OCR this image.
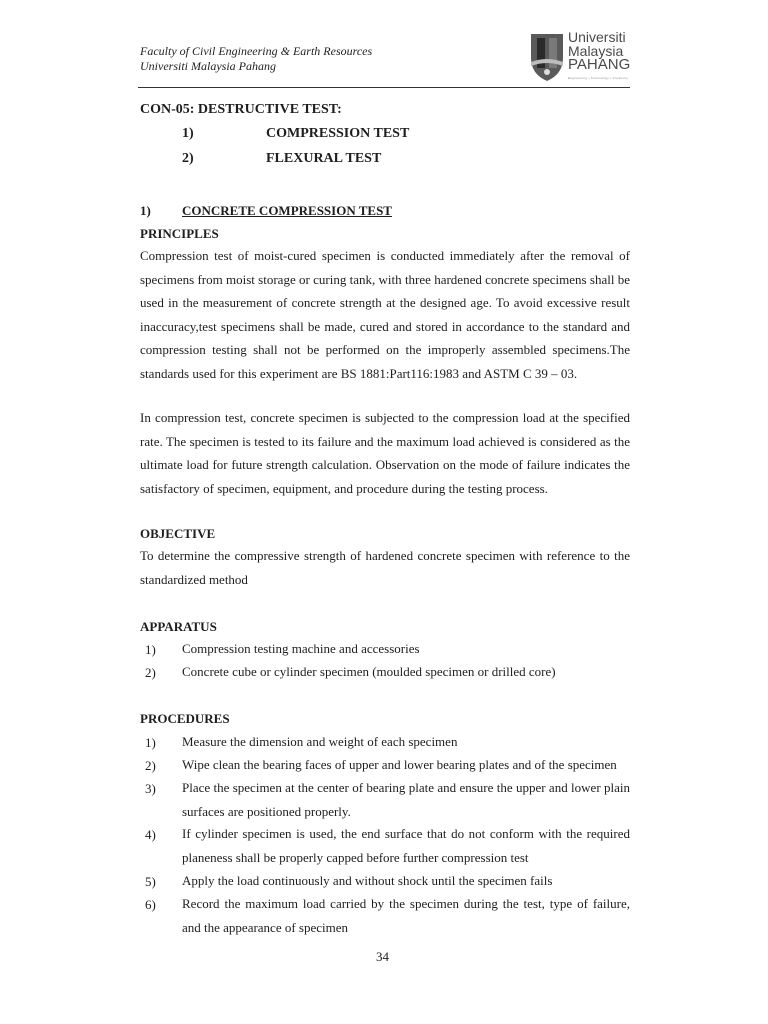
Faculty of Civil Engineering & Earth Resources
Universiti Malaysia Pahang
Universiti
Malaysia
PAHANG
Engineering • Technology • Creativity
CON-05: DESTRUCTIVE TEST:
1)	COMPRESSION TEST
2)	FLEXURAL TEST
1) CONCRETE COMPRESSION TEST
PRINCIPLES
Compression test of moist-cured specimen is conducted immediately after the removal of specimens from moist storage or curing tank, with three hardened concrete specimens shall be used in the measurement of concrete strength at the designed age. To avoid excessive result inaccuracy,test specimens shall be made, cured and stored in accordance to the standard and compression testing shall not be performed on the improperly assembled specimens.The standards used for this experiment are BS 1881:Part116:1983 and ASTM C 39 – 03.
In compression test, concrete specimen is subjected to the compression load at the specified rate. The specimen is tested to its failure and the maximum load achieved is considered as the ultimate load for future strength calculation. Observation on the mode of failure indicates the satisfactory of specimen, equipment, and procedure during the testing process.
OBJECTIVE
To determine the compressive strength of hardened concrete specimen with reference to the standardized method
APPARATUS
1) Compression testing machine and accessories
2) Concrete cube or cylinder specimen (moulded specimen or drilled core)
PROCEDURES
1) Measure the dimension and weight of each specimen
2) Wipe clean the bearing faces of upper and lower bearing plates and of the specimen
3) Place the specimen at the center of bearing plate and ensure the upper and lower plain surfaces are positioned properly.
4) If cylinder specimen is used, the end surface that do not conform with the required planeness shall be properly capped before further compression test
5) Apply the load continuously and without shock until the specimen fails
6) Record the maximum load carried by the specimen during the test, type of failure, and the appearance of specimen
34
